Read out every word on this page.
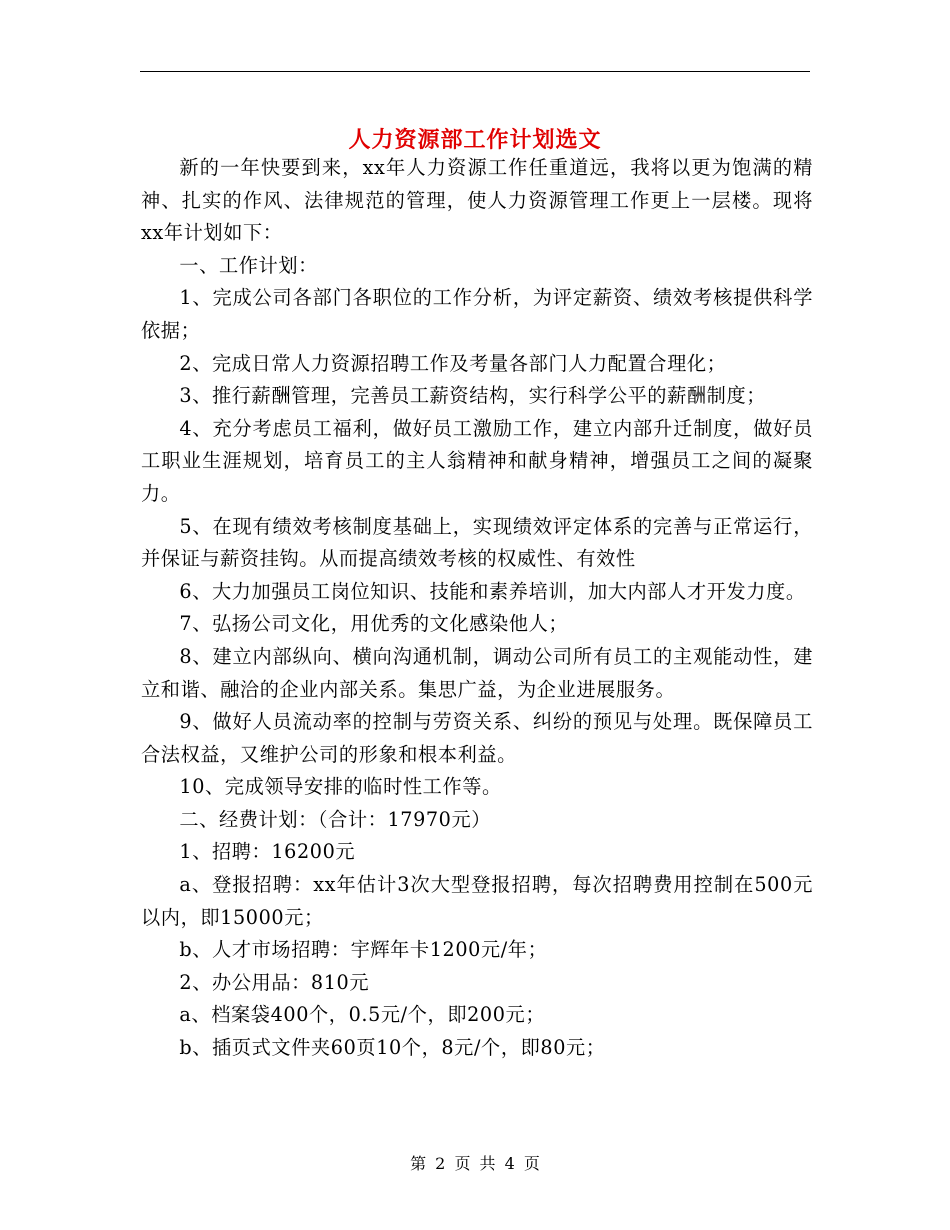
人力资源部工作计划选文

新的一年快要到来，xx年人力资源工作任重道远，我将以更为饱满的精神、扎实的作风、法律规范的管理，使人力资源管理工作更上一层楼。现将xx年计划如下：

一、工作计划：

1、完成公司各部门各职位的工作分析，为评定薪资、绩效考核提供科学依据；

2、完成日常人力资源招聘工作及考量各部门人力配置合理化；

3、推行薪酬管理，完善员工薪资结构，实行科学公平的薪酬制度；

4、充分考虑员工福利，做好员工激励工作，建立内部升迁制度，做好员工职业生涯规划，培育员工的主人翁精神和献身精神，增强员工之间的凝聚力。

5、在现有绩效考核制度基础上，实现绩效评定体系的完善与正常运行，并保证与薪资挂钩。从而提高绩效考核的权威性、有效性

6、大力加强员工岗位知识、技能和素养培训，加大内部人才开发力度。

7、弘扬公司文化，用优秀的文化感染他人；

8、建立内部纵向、横向沟通机制，调动公司所有员工的主观能动性，建立和谐、融洽的企业内部关系。集思广益，为企业进展服务。

9、做好人员流动率的控制与劳资关系、纠纷的预见与处理。既保障员工合法权益，又维护公司的形象和根本利益。

10、完成领导安排的临时性工作等。

二、经费计划：（合计：17970元）

1、招聘：16200元

a、登报招聘：xx年估计3次大型登报招聘，每次招聘费用控制在500元以内，即15000元；

b、人才市场招聘：宇辉年卡1200元/年；

2、办公用品：810元

a、档案袋400个，0.5元/个，即200元；

b、插页式文件夹60页10个，8元/个，即80元；

第 2 页 共 4 页
